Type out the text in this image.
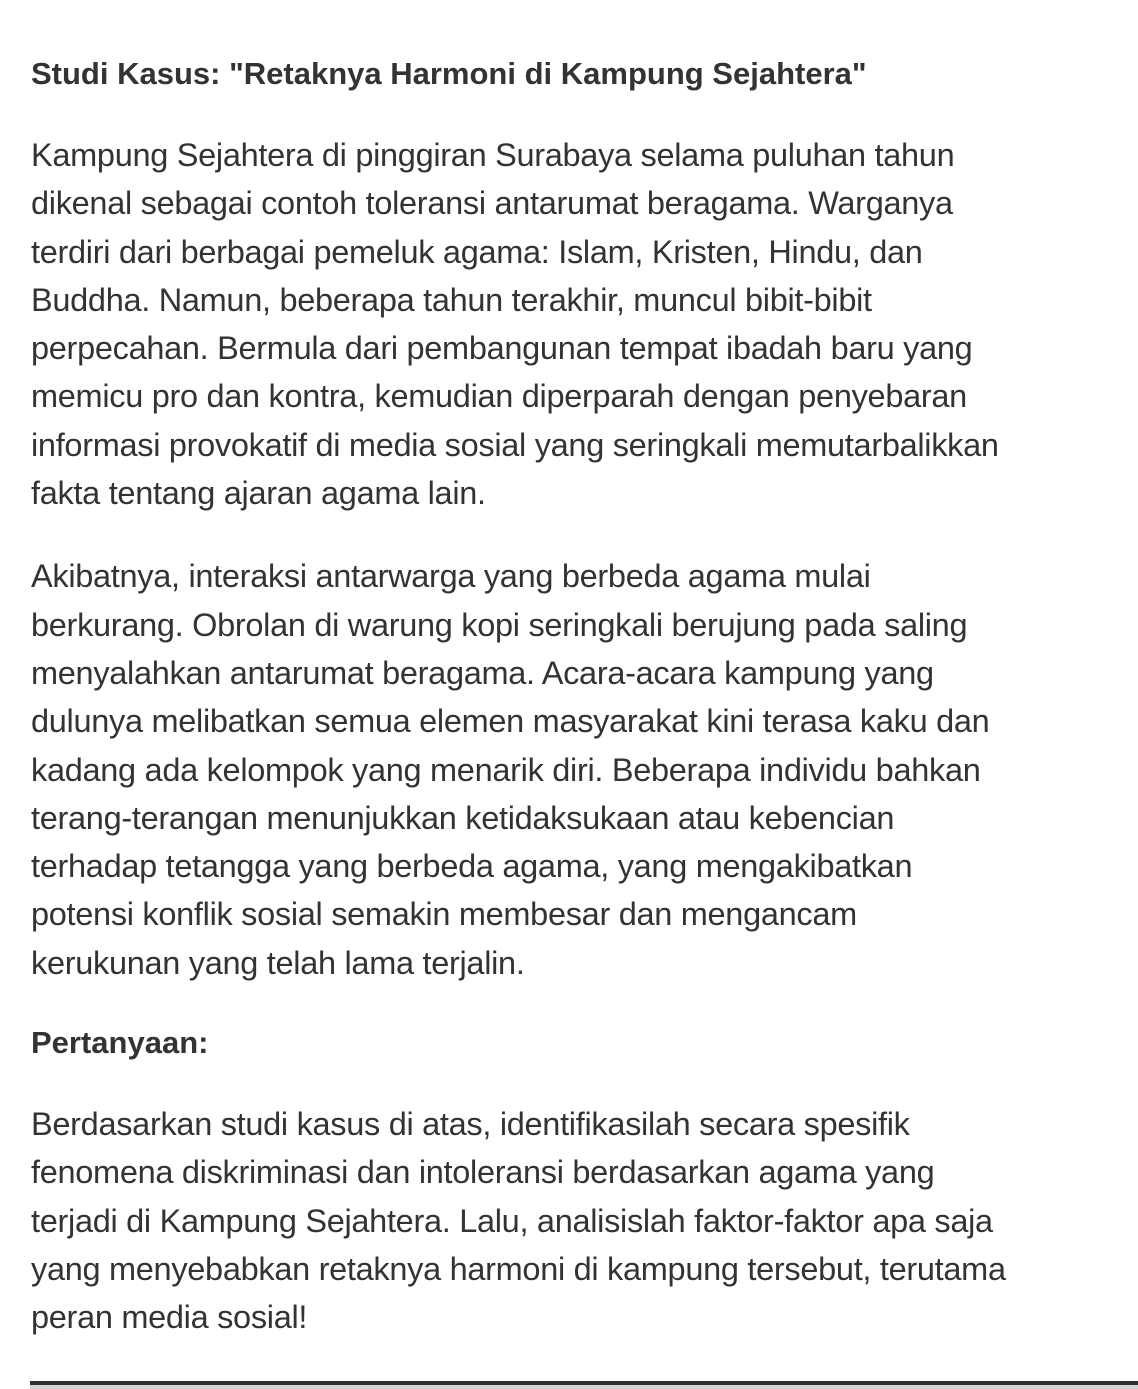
Studi Kasus: "Retaknya Harmoni di Kampung Sejahtera"
Kampung Sejahtera di pinggiran Surabaya selama puluhan tahun
dikenal sebagai contoh toleransi antarumat beragama. Warganya
terdiri dari berbagai pemeluk agama: Islam, Kristen, Hindu, dan
Buddha. Namun, beberapa tahun terakhir, muncul bibit-bibit
perpecahan. Bermula dari pembangunan tempat ibadah baru yang
memicu pro dan kontra, kemudian diperparah dengan penyebaran
informasi provokatif di media sosial yang seringkali memutarbalikkan
fakta tentang ajaran agama lain.
Akibatnya, interaksi antarwarga yang berbeda agama mulai
berkurang. Obrolan di warung kopi seringkali berujung pada saling
menyalahkan antarumat beragama. Acara-acara kampung yang
dulunya melibatkan semua elemen masyarakat kini terasa kaku dan
kadang ada kelompok yang menarik diri. Beberapa individu bahkan
terang-terangan menunjukkan ketidaksukaan atau kebencian
terhadap tetangga yang berbeda agama, yang mengakibatkan
potensi konflik sosial semakin membesar dan mengancam
kerukunan yang telah lama terjalin.
Pertanyaan:
Berdasarkan studi kasus di atas, identifikasilah secara spesifik
fenomena diskriminasi dan intoleransi berdasarkan agama yang
terjadi di Kampung Sejahtera. Lalu, analisislah faktor-faktor apa saja
yang menyebabkan retaknya harmoni di kampung tersebut, terutama
peran media sosial!
